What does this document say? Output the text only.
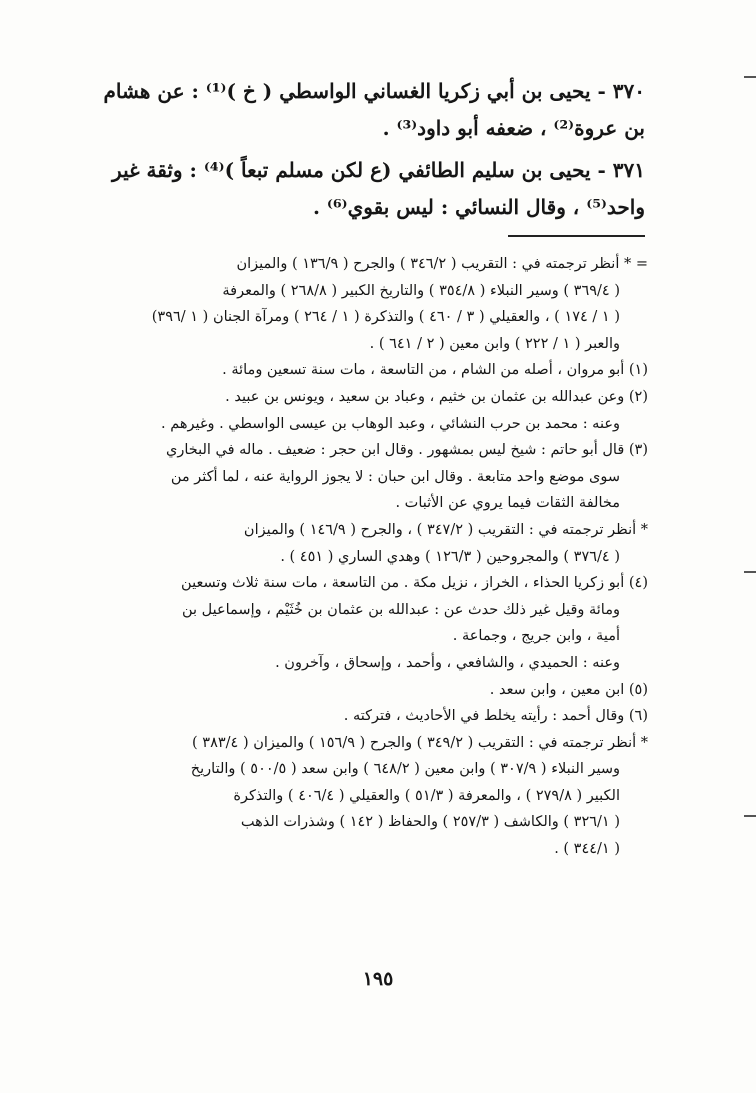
٣٧٠ - يحيى بن أبي زكريا الغساني الواسطي ( خ )⁽¹⁾ : عن هشام
بن عروة⁽²⁾ ، ضعفه أبو داود⁽³⁾ .
٣٧١ - يحيى بن سليم الطائفي (ع لكن مسلم تبعاً )⁽⁴⁾ : وثقة غير
واحد⁽⁵⁾ ، وقال النسائي : ليس بقوي⁽⁶⁾ .
= * أنظر ترجمته في : التقريب ( ٣٤٦/٢ ) والجرح ( ١٣٦/٩ ) والميزان
( ٣٦٩/٤ ) وسير النبلاء ( ٣٥٤/٨ ) والتاريخ الكبير ( ٢٦٨/٨ ) والمعرفة
( ١ / ١٧٤ ) ، والعقيلي ( ٣ / ٤٦٠ ) والتذكرة ( ١ / ٢٦٤ ) ومرآة الجنان ( ١ /٣٩٦)
والعبر ( ١ / ٢٢٢ ) وابن معين ( ٢ / ٦٤١ ) .
(١) أبو مروان ، أصله من الشام ، من التاسعة ، مات سنة تسعين ومائة .
(٢) وعن عبدالله بن عثمان بن خثيم ، وعباد بن سعيد ، ويونس بن عبيد .
وعنه : محمد بن حرب النشائي ، وعبد الوهاب بن عيسى الواسطي . وغيرهم .
(٣) قال أبو حاتم : شيخ ليس بمشهور . وقال ابن حجر : ضعيف . ماله في البخاري
سوى موضع واحد متابعة . وقال ابن حبان : لا يجوز الرواية عنه ، لما أكثر من
مخالفة الثقات فيما يروي عن الأثبات .
* أنظر ترجمته في : التقريب ( ٣٤٧/٢ ) ، والجرح ( ١٤٦/٩ ) والميزان
( ٣٧٦/٤ ) والمجروحين ( ١٢٦/٣ ) وهدي الساري ( ٤٥١ ) .
(٤) أبو زكريا الحذاء ، الخراز ، نزيل مكة . من التاسعة ، مات سنة ثلاث وتسعين
ومائة وقيل غير ذلك حدث عن : عبدالله بن عثمان بن خُثَيْم ، وإسماعيل بن
أمية ، وابن جريج ، وجماعة .
وعنه : الحميدي ، والشافعي ، وأحمد ، وإسحاق ، وآخرون .
(٥) ابن معين ، وابن سعد .
(٦) وقال أحمد : رأيته يخلط في الأحاديث ، فتركته .
* أنظر ترجمته في : التقريب ( ٣٤٩/٢ ) والجرح ( ١٥٦/٩ ) والميزان ( ٣٨٣/٤ )
وسير النبلاء ( ٣٠٧/٩ ) وابن معين ( ٦٤٨/٢ ) وابن سعد ( ٥٠٠/٥ ) والتاريخ
الكبير ( ٢٧٩/٨ ) ، والمعرفة ( ٥١/٣ ) والعقيلي ( ٤٠٦/٤ ) والتذكرة
( ٣٢٦/١ ) والكاشف ( ٢٥٧/٣ ) والحفاظ ( ١٤٢ ) وشذرات الذهب
( ٣٤٤/١ ) .
١٩٥
